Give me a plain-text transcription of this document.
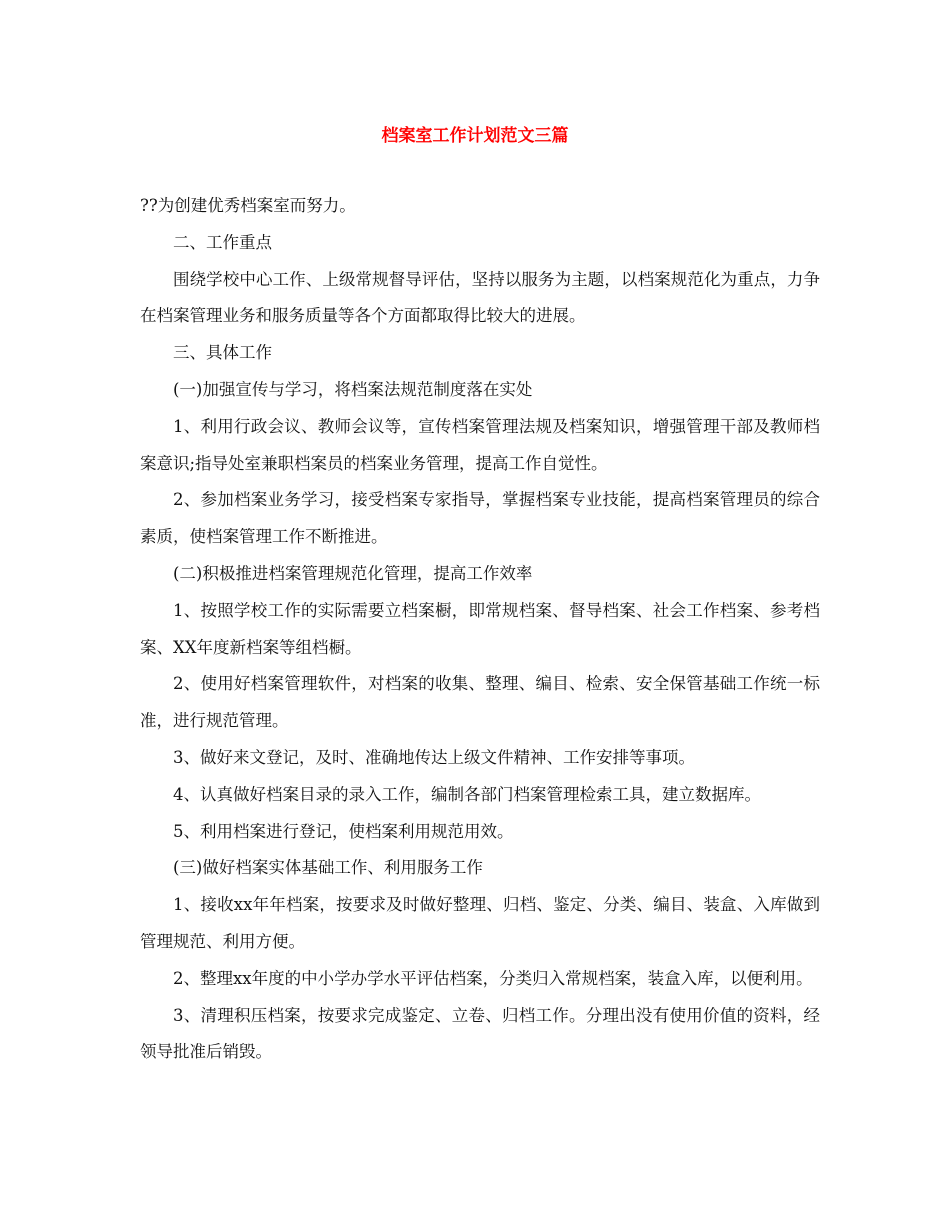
档案室工作计划范文三篇

??为创建优秀档案室而努力。

二、工作重点

围绕学校中心工作、上级常规督导评估，坚持以服务为主题，以档案规范化为重点，力争在档案管理业务和服务质量等各个方面都取得比较大的进展。

三、具体工作

(一)加强宣传与学习，将档案法规范制度落在实处

1、利用行政会议、教师会议等，宣传档案管理法规及档案知识，增强管理干部及教师档案意识;指导处室兼职档案员的档案业务管理，提高工作自觉性。

2、参加档案业务学习，接受档案专家指导，掌握档案专业技能，提高档案管理员的综合素质，使档案管理工作不断推进。

(二)积极推进档案管理规范化管理，提高工作效率

1、按照学校工作的实际需要立档案橱，即常规档案、督导档案、社会工作档案、参考档案、XX年度新档案等组档橱。

2、使用好档案管理软件，对档案的收集、整理、编目、检索、安全保管基础工作统一标准，进行规范管理。

3、做好来文登记，及时、准确地传达上级文件精神、工作安排等事项。

4、认真做好档案目录的录入工作，编制各部门档案管理检索工具，建立数据库。

5、利用档案进行登记，使档案利用规范用效。

(三)做好档案实体基础工作、利用服务工作

1、接收xx年年档案，按要求及时做好整理、归档、鉴定、分类、编目、装盒、入库做到管理规范、利用方便。

2、整理xx年度的中小学办学水平评估档案，分类归入常规档案，装盒入库，以便利用。

3、清理积压档案，按要求完成鉴定、立卷、归档工作。分理出没有使用价值的资料，经领导批准后销毁。
